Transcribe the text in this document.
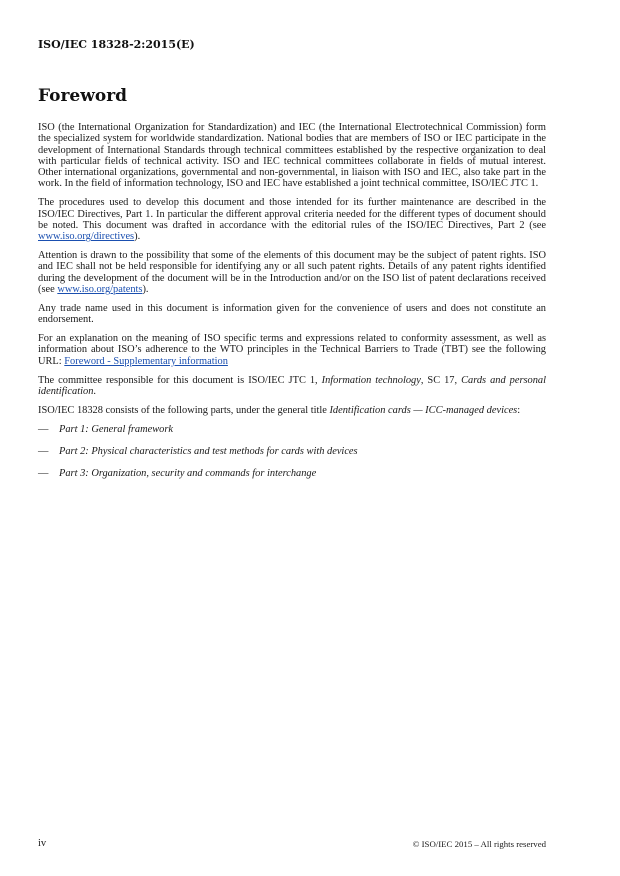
ISO/IEC 18328-2:2015(E)
Foreword

ISO (the International Organization for Standardization) and IEC (the International Electrotechnical Commission) form the specialized system for worldwide standardization. National bodies that are members of ISO or IEC participate in the development of International Standards through technical committees established by the respective organization to deal with particular fields of technical activity. ISO and IEC technical committees collaborate in fields of mutual interest. Other international organizations, governmental and non-governmental, in liaison with ISO and IEC, also take part in the work. In the field of information technology, ISO and IEC have established a joint technical committee, ISO/IEC JTC 1.

The procedures used to develop this document and those intended for its further maintenance are described in the ISO/IEC Directives, Part 1. In particular the different approval criteria needed for the different types of document should be noted. This document was drafted in accordance with the editorial rules of the ISO/IEC Directives, Part 2 (see www.iso.org/directives).

Attention is drawn to the possibility that some of the elements of this document may be the subject of patent rights. ISO and IEC shall not be held responsible for identifying any or all such patent rights. Details of any patent rights identified during the development of the document will be in the Introduction and/or on the ISO list of patent declarations received (see www.iso.org/patents).

Any trade name used in this document is information given for the convenience of users and does not constitute an endorsement.

For an explanation on the meaning of ISO specific terms and expressions related to conformity assessment, as well as information about ISO’s adherence to the WTO principles in the Technical Barriers to Trade (TBT) see the following URL: Foreword - Supplementary information

The committee responsible for this document is ISO/IEC JTC 1, Information technology, SC 17, Cards and personal identification.

ISO/IEC 18328 consists of the following parts, under the general title Identification cards — ICC-managed devices:

—	Part 1: General framework
—	Part 2: Physical characteristics and test methods for cards with devices
—	Part 3: Organization, security and commands for interchange
iv	© ISO/IEC 2015 – All rights reserved
